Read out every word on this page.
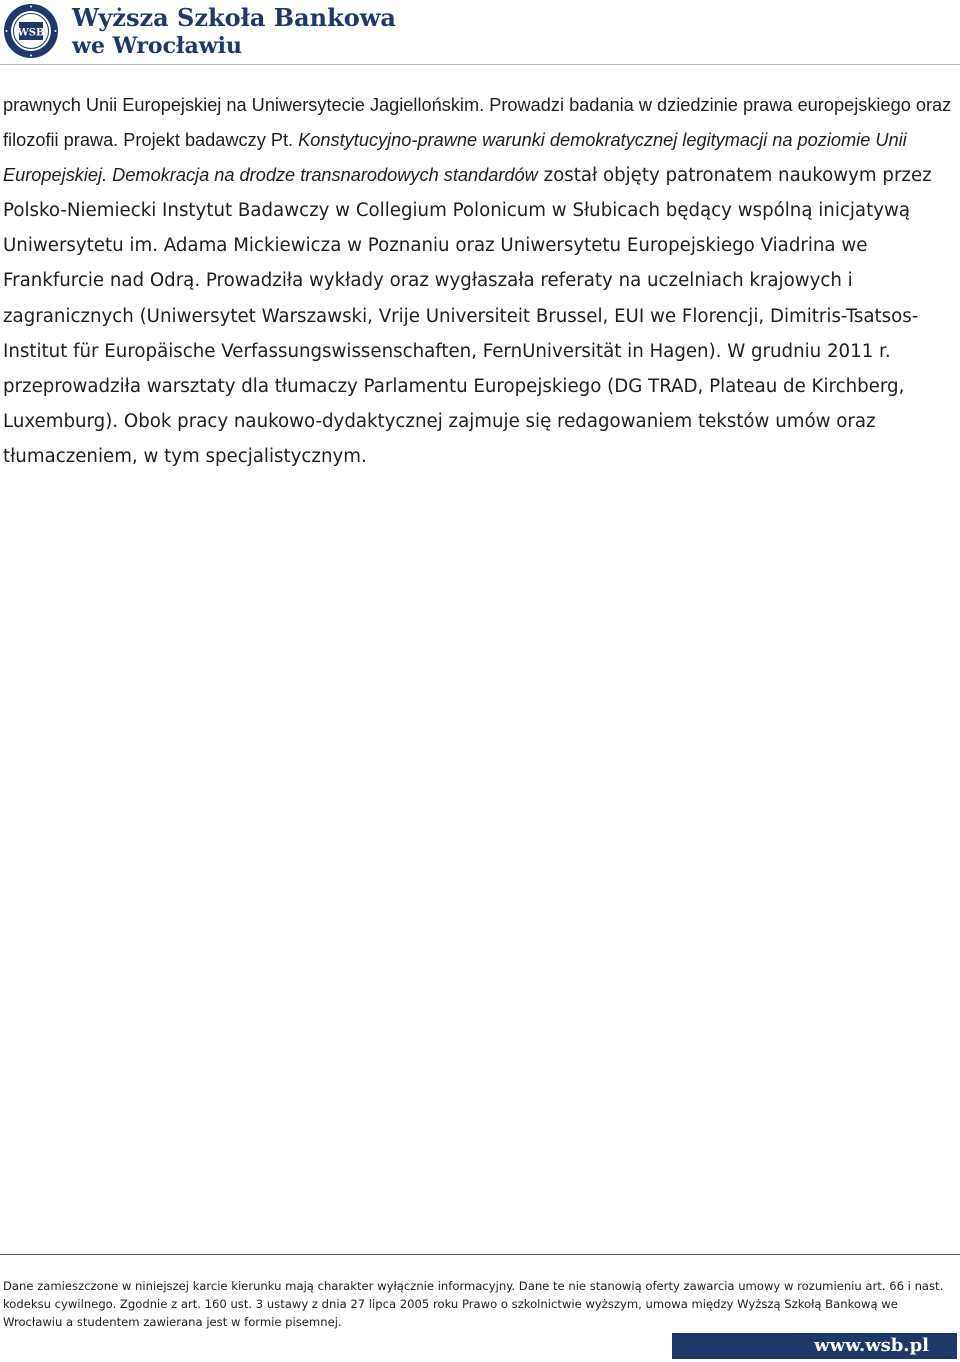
WSB
Wyższa Szkoła Bankowa
we Wrocławiu
prawnych Unii Europejskiej na Uniwersytecie Jagiellońskim. Prowadzi badania w dziedzinie prawa europejskiego oraz filozofii prawa. Projekt badawczy Pt. Konstytucyjno-prawne warunki demokratycznej legitymacji na poziomie Unii Europejskiej. Demokracja na drodze transnarodowych standardów został objęty patronatem naukowym przez Polsko-Niemiecki Instytut Badawczy w Collegium Polonicum w Słubicach będący wspólną inicjatywą Uniwersytetu im. Adama Mickiewicza w Poznaniu oraz Uniwersytetu Europejskiego Viadrina we Frankfurcie nad Odrą. Prowadziła wykłady oraz wygłaszała referaty na uczelniach krajowych i zagranicznych (Uniwersytet Warszawski, Vrije Universiteit Brussel, EUI we Florencji, Dimitris-Tsatsos-Institut für Europäische Verfassungswissenschaften, FernUniversität in Hagen). W grudniu 2011 r. przeprowadziła warsztaty dla tłumaczy Parlamentu Europejskiego (DG TRAD, Plateau de Kirchberg, Luxemburg). Obok pracy naukowo-dydaktycznej zajmuje się redagowaniem tekstów umów oraz tłumaczeniem, w tym specjalistycznym.
Dane zamieszczone w niniejszej karcie kierunku mają charakter wyłącznie informacyjny. Dane te nie stanowią oferty zawarcia umowy w rozumieniu art. 66 i nast. kodeksu cywilnego. Zgodnie z art. 160 ust. 3 ustawy z dnia 27 lipca 2005 roku Prawo o szkolnictwie wyższym, umowa między Wyższą Szkołą Bankową we Wrocławiu a studentem zawierana jest w formie pisemnej.
www.wsb.pl
